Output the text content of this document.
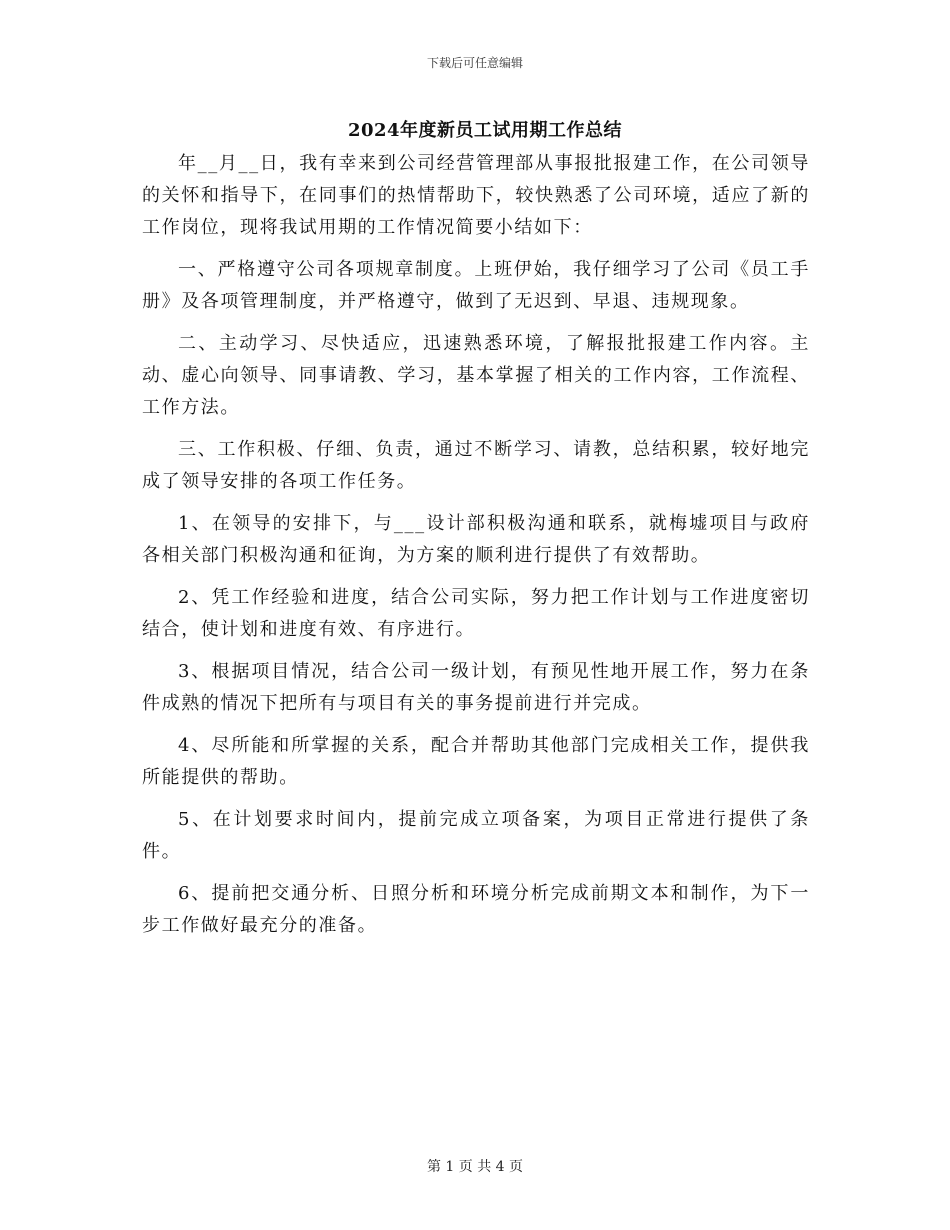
下载后可任意编辑
2024年度新员工试用期工作总结

年__月__日，我有幸来到公司经营管理部从事报批报建工作，在公司领导的关怀和指导下，在同事们的热情帮助下，较快熟悉了公司环境，适应了新的工作岗位，现将我试用期的工作情况简要小结如下：

一、严格遵守公司各项规章制度。上班伊始，我仔细学习了公司《员工手册》及各项管理制度，并严格遵守，做到了无迟到、早退、违规现象。

二、主动学习、尽快适应，迅速熟悉环境，了解报批报建工作内容。主动、虚心向领导、同事请教、学习，基本掌握了相关的工作内容，工作流程、工作方法。

三、工作积极、仔细、负责，通过不断学习、请教，总结积累，较好地完成了领导安排的各项工作任务。

1、在领导的安排下，与___设计部积极沟通和联系，就梅墟项目与政府各相关部门积极沟通和征询，为方案的顺利进行提供了有效帮助。

2、凭工作经验和进度，结合公司实际，努力把工作计划与工作进度密切结合，使计划和进度有效、有序进行。

3、根据项目情况，结合公司一级计划，有预见性地开展工作，努力在条件成熟的情况下把所有与项目有关的事务提前进行并完成。

4、尽所能和所掌握的关系，配合并帮助其他部门完成相关工作，提供我所能提供的帮助。

5、在计划要求时间内，提前完成立项备案，为项目正常进行提供了条件。

6、提前把交通分析、日照分析和环境分析完成前期文本和制作，为下一步工作做好最充分的准备。

第 1 页 共 4 页
